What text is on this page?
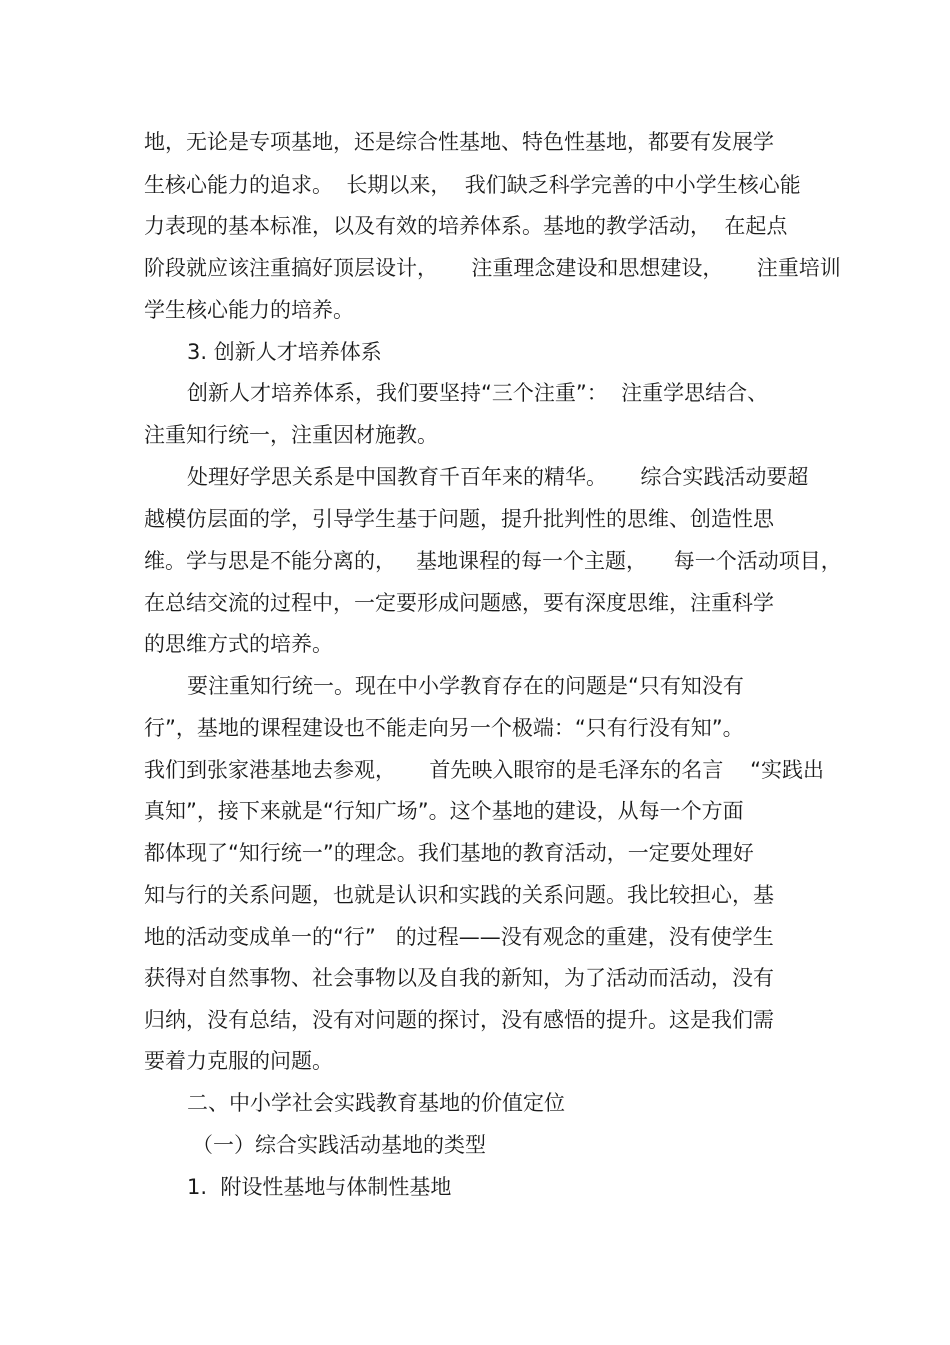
地，无论是专项基地，还是综合性基地、特色性基地，都要有发展学
生核心能力的追求。  长期以来，  我们缺乏科学完善的中小学生核心能
力表现的基本标准，以及有效的培养体系。基地的教学活动，  在起点
阶段就应该注重搞好顶层设计，     注重理念建设和思想建设，     注重培训
学生核心能力的培养。
3. 创新人才培养体系
创新人才培养体系，我们要坚持“三个注重”：  注重学思结合、
注重知行统一，注重因材施教。
处理好学思关系是中国教育千百年来的精华。     综合实践活动要超
越模仿层面的学，引导学生基于问题，提升批判性的思维、创造性思
维。学与思是不能分离的，   基地课程的每一个主题，    每一个活动项目，
在总结交流的过程中，一定要形成问题感，要有深度思维，注重科学
的思维方式的培养。
要注重知行统一。现在中小学教育存在的问题是“只有知没有
行”，基地的课程建设也不能走向另一个极端：“只有行没有知”。
我们到张家港基地去参观，     首先映入眼帘的是毛泽东的名言    “实践出
真知”，接下来就是“行知广场”。这个基地的建设，从每一个方面
都体现了“知行统一”的理念。我们基地的教育活动，一定要处理好
知与行的关系问题，也就是认识和实践的关系问题。我比较担心，基
地的活动变成单一的“行”   的过程——没有观念的重建，没有使学生
获得对自然事物、社会事物以及自我的新知，为了活动而活动，没有
归纳，没有总结，没有对问题的探讨，没有感悟的提升。这是我们需
要着力克服的问题。
二、中小学社会实践教育基地的价值定位
（一）综合实践活动基地的类型
1.  附设性基地与体制性基地
